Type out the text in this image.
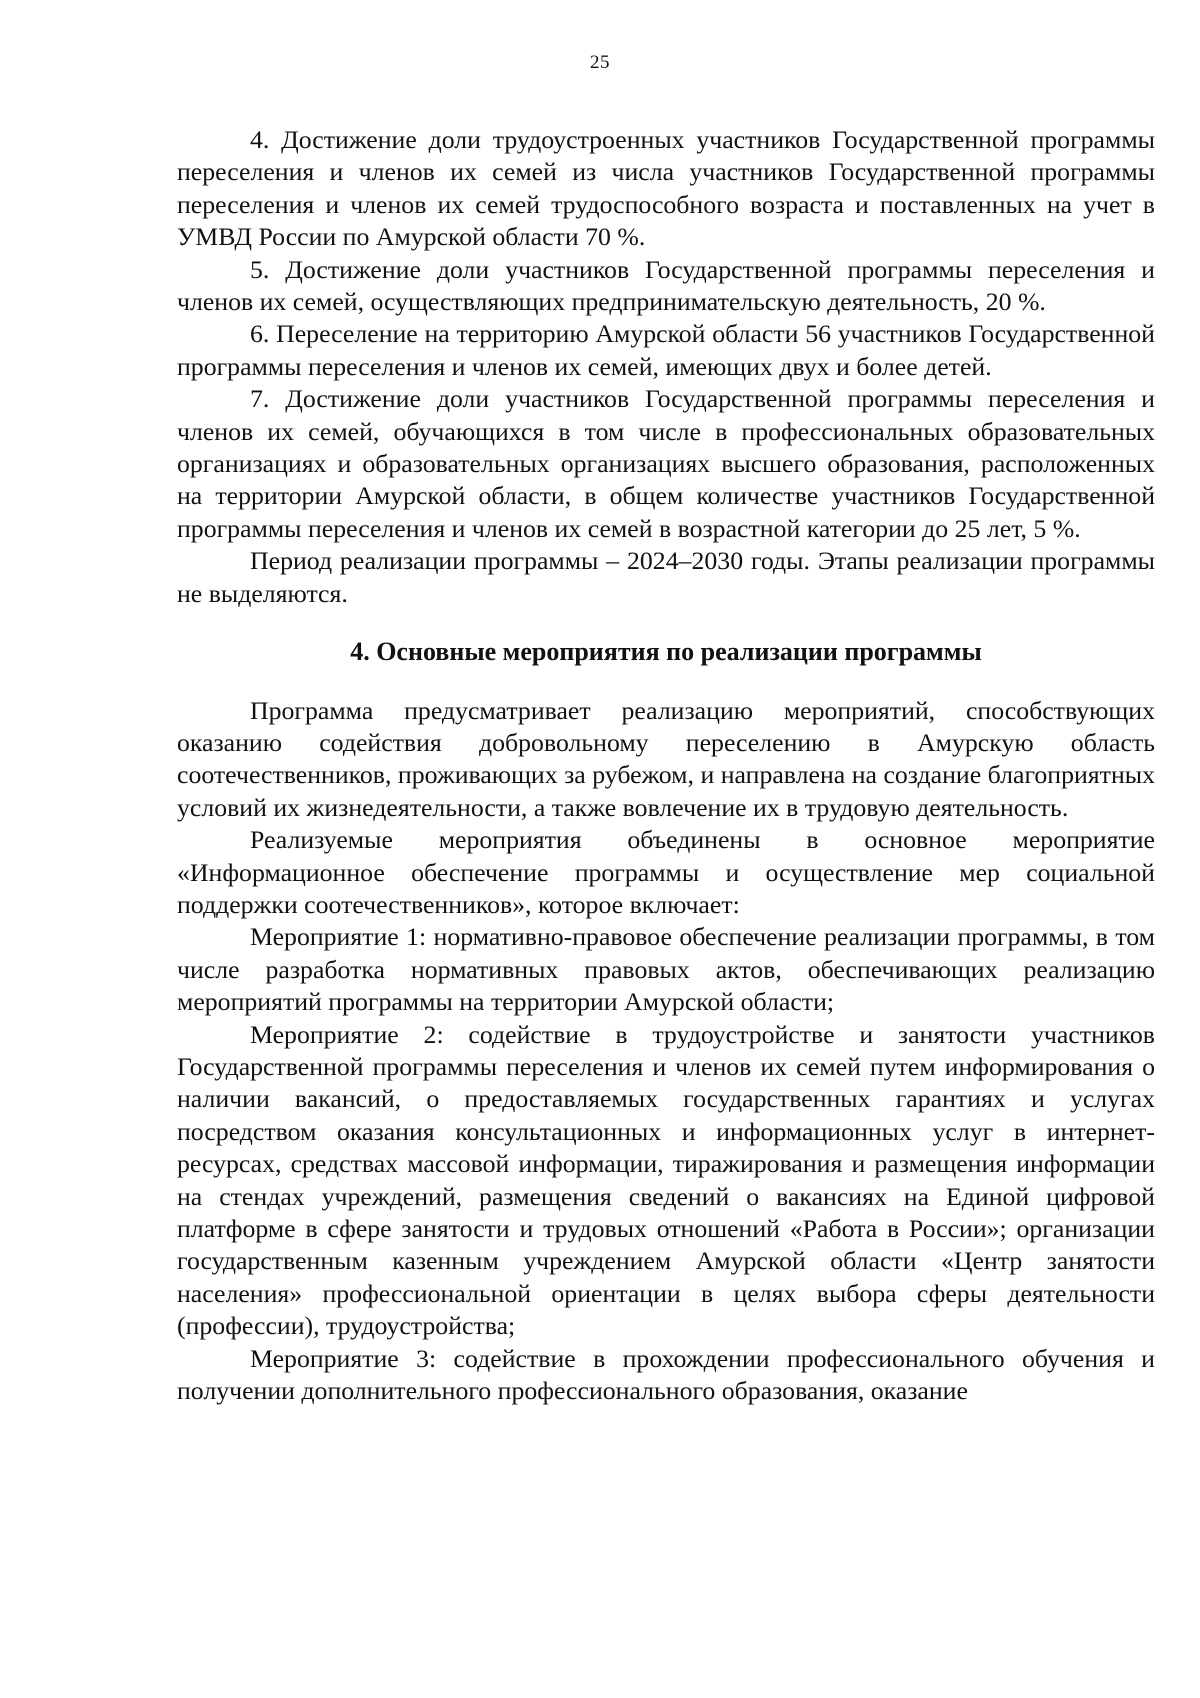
25

4. Достижение доли трудоустроенных участников Государственной программы переселения и членов их семей из числа участников Государственной программы переселения и членов их семей трудоспособного возраста и поставленных на учет в УМВД России по Амурской области 70 %.

5. Достижение доли участников Государственной программы переселения и членов их семей, осуществляющих предпринимательскую деятельность, 20 %.

6. Переселение на территорию Амурской области 56 участников Государственной программы переселения и членов их семей, имеющих двух и более детей.

7. Достижение доли участников Государственной программы переселения и членов их семей, обучающихся в том числе в профессиональных образовательных организациях и образовательных организациях высшего образования, расположенных на территории Амурской области, в общем количестве участников Государственной программы переселения и членов их семей в возрастной категории до 25 лет, 5 %.

Период реализации программы – 2024–2030 годы. Этапы реализации программы не выделяются.

4. Основные мероприятия по реализации программы

Программа предусматривает реализацию мероприятий, способствующих оказанию содействия добровольному переселению в Амурскую область соотечественников, проживающих за рубежом, и направлена на создание благоприятных условий их жизнедеятельности, а также вовлечение их в трудовую деятельность.

Реализуемые мероприятия объединены в основное мероприятие «Информационное обеспечение программы и осуществление мер социальной поддержки соотечественников», которое включает:

Мероприятие 1: нормативно-правовое обеспечение реализации программы, в том числе разработка нормативных правовых актов, обеспечивающих реализацию мероприятий программы на территории Амурской области;

Мероприятие 2: содействие в трудоустройстве и занятости участников Государственной программы переселения и членов их семей путем информирования о наличии вакансий, о предоставляемых государственных гарантиях и услугах посредством оказания консультационных и информационных услуг в интернет-ресурсах, средствах массовой информации, тиражирования и размещения информации на стендах учреждений, размещения сведений о вакансиях на Единой цифровой платформе в сфере занятости и трудовых отношений «Работа в России»; организации государственным казенным учреждением Амурской области «Центр занятости населения» профессиональной ориентации в целях выбора сферы деятельности (профессии), трудоустройства;

Мероприятие 3: содействие в прохождении профессионального обучения и получении дополнительного профессионального образования, оказание
